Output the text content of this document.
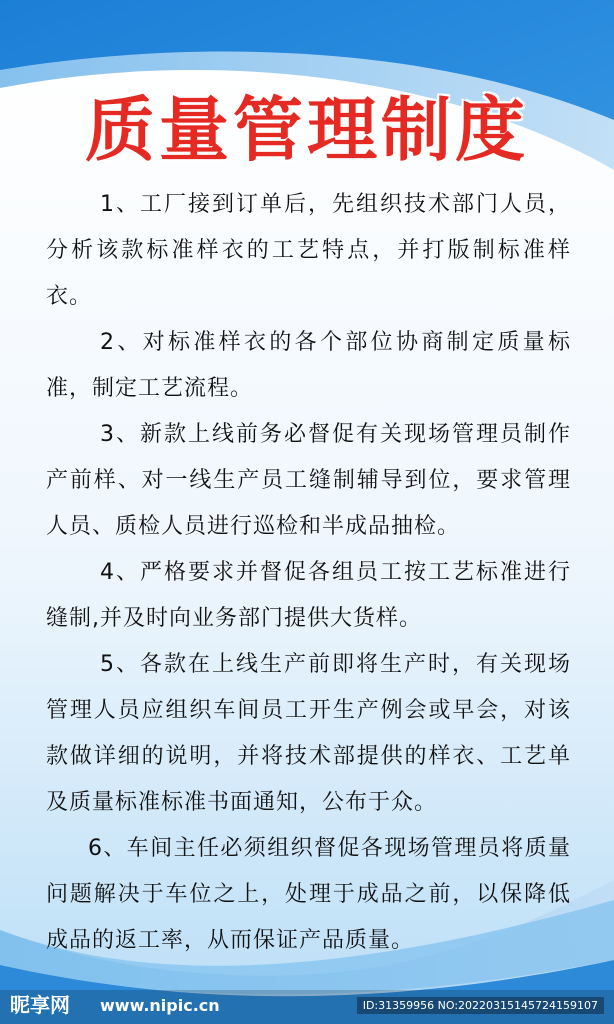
质量管理制度

1、工厂接到订单后，先组织技术部门人员，分析该款标准样衣的工艺特点，并打版制标准样衣。

2、对标准样衣的各个部位协商制定质量标准，制定工艺流程。

3、新款上线前务必督促有关现场管理员制作产前样、对一线生产员工缝制辅导到位，要求管理人员、质检人员进行巡检和半成品抽检。

4、严格要求并督促各组员工按工艺标准进行缝制,并及时向业务部门提供大货样。

5、各款在上线生产前即将生产时，有关现场管理人员应组织车间员工开生产例会或早会，对该款做详细的说明，并将技术部提供的样衣、工艺单及质量标准标准书面通知，公布于众。

6、车间主任必须组织督促各现场管理员将质量问题解决于车位之上，处理于成品之前，以保降低成品的返工率，从而保证产品质量。

昵享网 www.nipic.cn	ID:31359956 NO:20220315145724159107
